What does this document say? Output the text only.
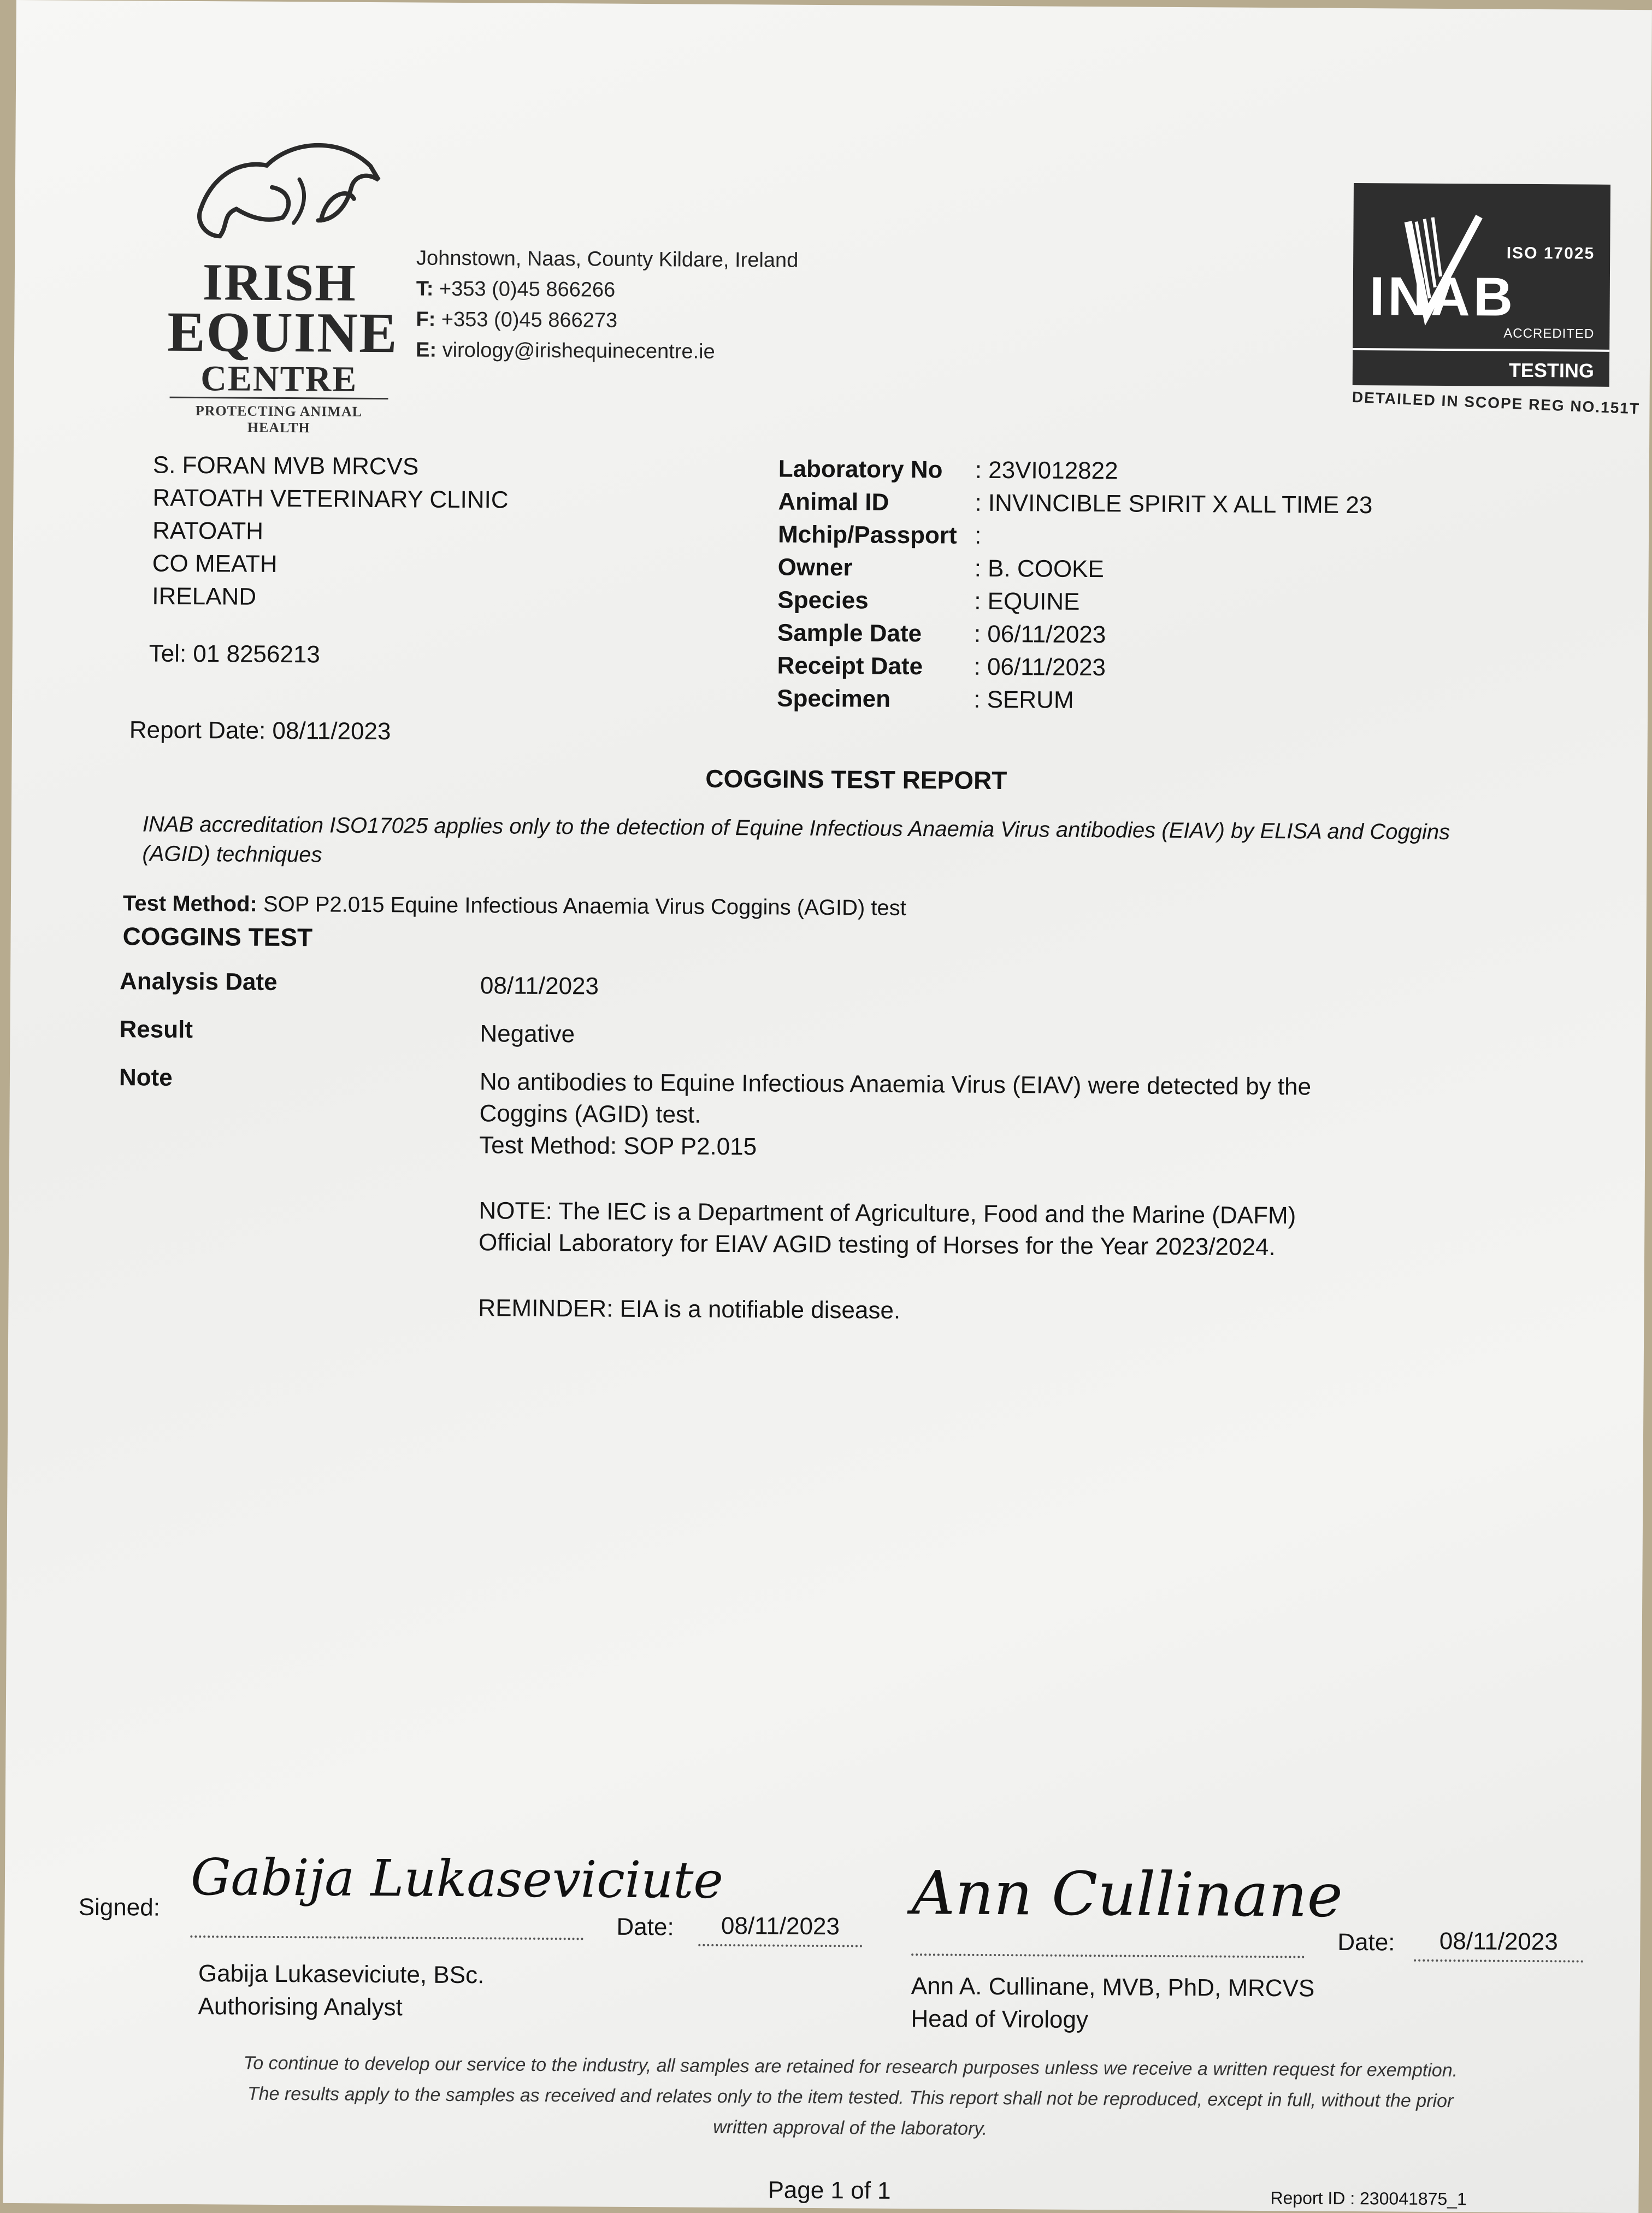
IRISH
EQUINE
CENTRE
PROTECTING ANIMAL HEALTH
Johnstown, Naas, County Kildare, Ireland
T: +353 (0)45 866266
F: +353 (0)45 866273
E: virology@irishequinecentre.ie
ISO 17025
INAB
ACCREDITED
TESTING
DETAILED IN SCOPE REG NO.151T
S. FORAN MVB MRCVS
RATOATH VETERINARY CLINIC
RATOATH
CO MEATH
IRELAND
Tel: 01 8256213
Report Date: 08/11/2023
Laboratory No	: 23VI012822
Animal ID	: INVINCIBLE SPIRIT X ALL TIME 23
Mchip/Passport :
Owner	: B. COOKE
Species	: EQUINE
Sample Date	: 06/11/2023
Receipt Date	: 06/11/2023
Specimen	: SERUM
COGGINS TEST REPORT
INAB accreditation ISO17025 applies only to the detection of Equine Infectious Anaemia Virus antibodies (EIAV) by ELISA and Coggins (AGID) techniques
Test Method: SOP P2.015 Equine Infectious Anaemia Virus Coggins (AGID) test
COGGINS TEST
Analysis Date	08/11/2023
Result	Negative
Note	No antibodies to Equine Infectious Anaemia Virus (EIAV) were detected by the Coggins (AGID) test.
Test Method: SOP P2.015
NOTE: The IEC is a Department of Agriculture, Food and the Marine (DAFM) Official Laboratory for EIAV AGID testing of Horses for the Year 2023/2024.
REMINDER: EIA is a notifiable disease.
Signed: Gabija Lukaseviciute
Date:	08/11/2023
Gabija Lukaseviciute, BSc.
Authorising Analyst
Ann Cullinane
Date:	08/11/2023
Ann A. Cullinane, MVB, PhD, MRCVS
Head of Virology
To continue to develop our service to the industry, all samples are retained for research purposes unless we receive a written request for exemption.
The results apply to the samples as received and relates only to the item tested. This report shall not be reproduced, except in full, without the prior
written approval of the laboratory.
Page 1 of 1	Report ID : 230041875_1
